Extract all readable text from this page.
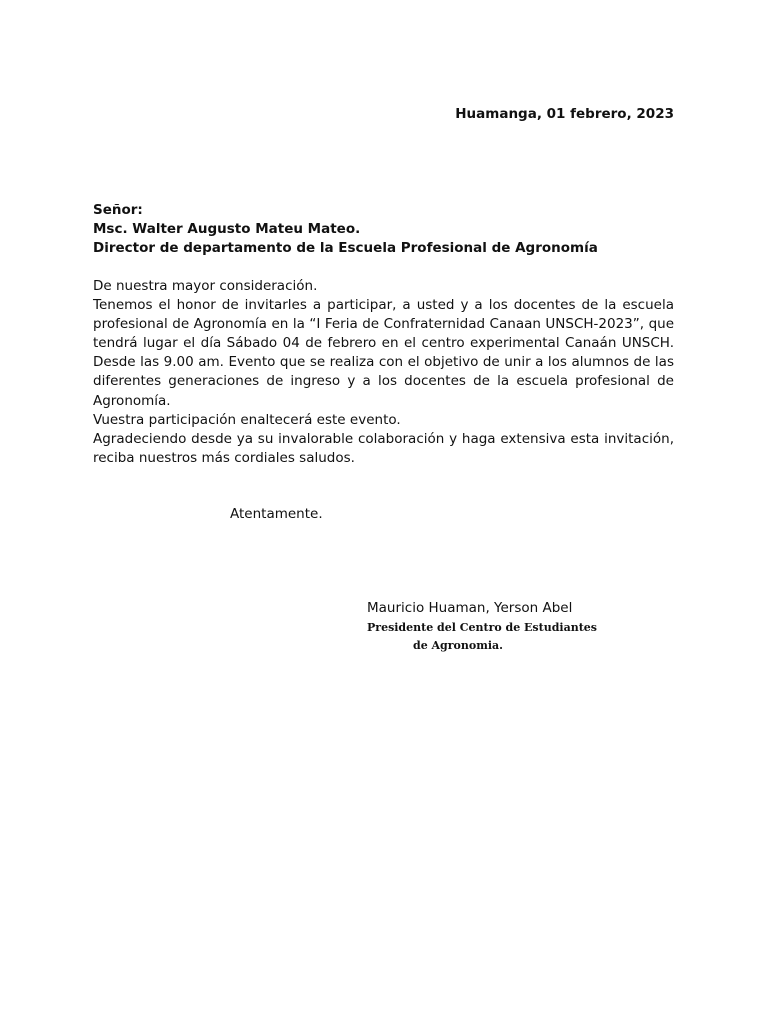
Huamanga, 01 febrero, 2023
Señor:
Msc. Walter Augusto Mateu Mateo.
Director de departamento de la Escuela Profesional de Agronomía

De nuestra mayor consideración.

Tenemos el honor de invitarles a participar, a usted y a los docentes de la escuela profesional de Agronomía en la “I Feria de Confraternidad Canaan UNSCH-2023”, que tendrá lugar el día Sábado 04 de febrero en el centro experimental Canaán UNSCH. Desde las 9.00 am. Evento que se realiza con el objetivo de unir a los alumnos de las diferentes generaciones de ingreso y a los docentes de la escuela profesional de Agronomía.

Vuestra participación enaltecerá este evento.

Agradeciendo desde ya su invalorable colaboración y haga extensiva esta invitación, reciba nuestros más cordiales saludos.

Atentamente.
Mauricio Huaman, Yerson Abel
Presidente del Centro de Estudiantes
de Agronomia.
